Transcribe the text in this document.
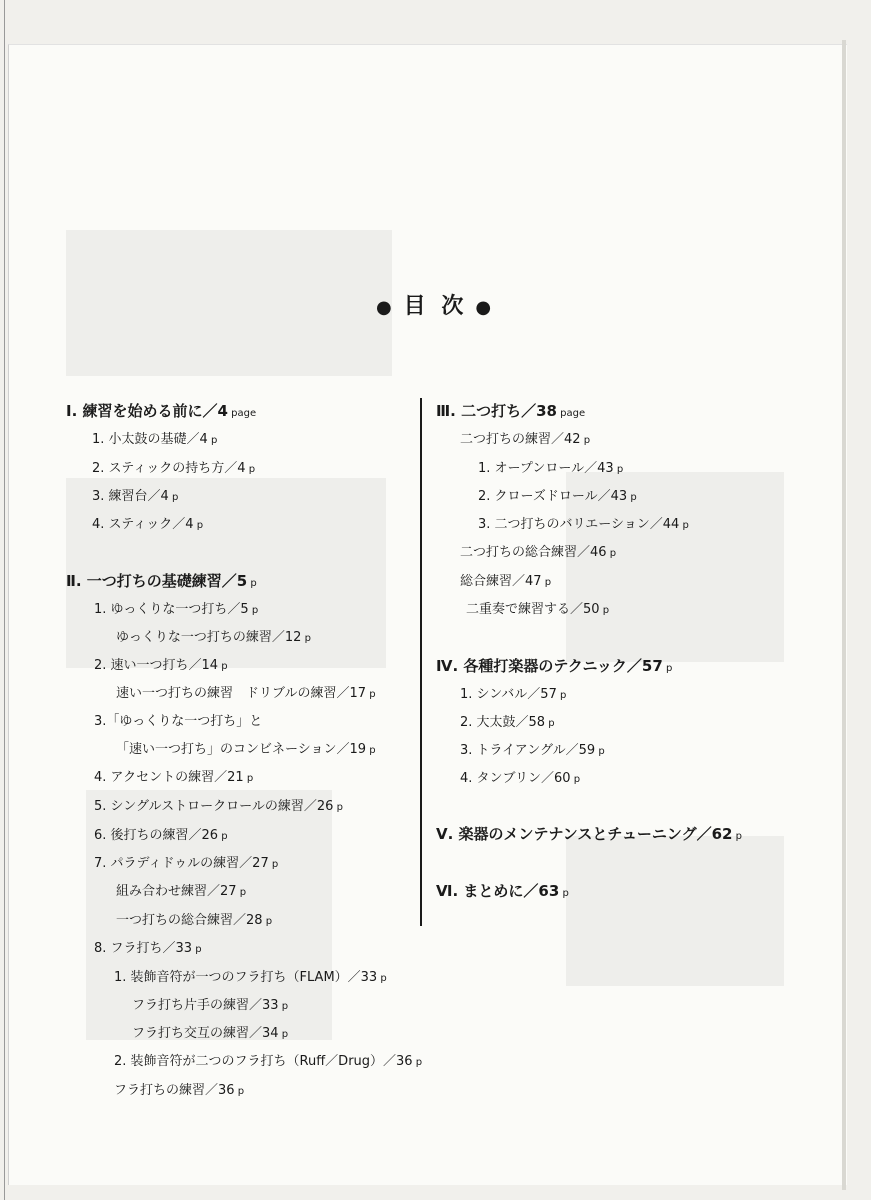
● 目 次 ●
Ⅰ. 練習を始める前に／4 page
1. 小太鼓の基礎／4 p
2. スティックの持ち方／4 p
3. 練習台／4 p
4. スティック／4 p
Ⅱ. 一つ打ちの基礎練習／5 p
1. ゆっくりな一つ打ち／5 p
ゆっくりな一つ打ちの練習／12 p
2. 速い一つ打ち／14 p
速い一つ打ちの練習　ドリブルの練習／17 p
3.「ゆっくりな一つ打ち」と
「速い一つ打ち」のコンビネーション／19 p
4. アクセントの練習／21 p
5. シングルストロークロールの練習／26 p
6. 後打ちの練習／26 p
7. パラディドゥルの練習／27 p
組み合わせ練習／27 p
一つ打ちの総合練習／28 p
8. フラ打ち／33 p
1. 装飾音符が一つのフラ打ち（FLAM）／33 p
フラ打ち片手の練習／33 p
フラ打ち交互の練習／34 p
2. 装飾音符が二つのフラ打ち（Ruff／Drug）／36 p
フラ打ちの練習／36 p
Ⅲ. 二つ打ち／38 page
二つ打ちの練習／42 p
1. オープンロール／43 p
2. クローズドロール／43 p
3. 二つ打ちのバリエーション／44 p
二つ打ちの総合練習／46 p
総合練習／47 p
二重奏で練習する／50 p
Ⅳ. 各種打楽器のテクニック／57 p
1. シンバル／57 p
2. 大太鼓／58 p
3. トライアングル／59 p
4. タンブリン／60 p
Ⅴ. 楽器のメンテナンスとチューニング／62 p
Ⅵ. まとめに／63 p
